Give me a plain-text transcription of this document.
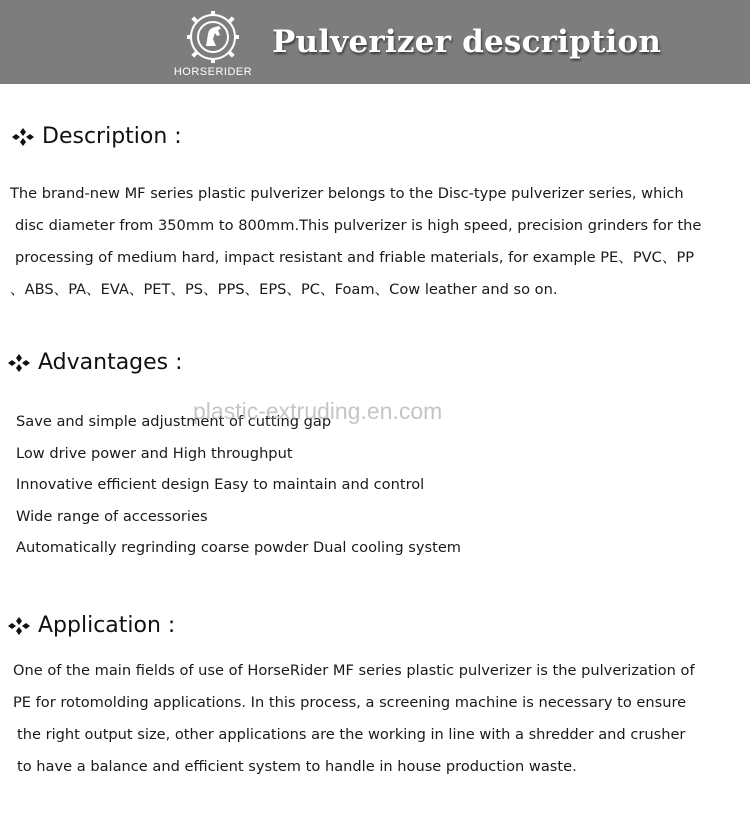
HORSERIDER
Pulverizer description
Description :

The brand-new MF series plastic pulverizer belongs to the Disc-type pulverizer series, which
disc diameter from 350mm to 800mm.This pulverizer is high speed, precision grinders for the
processing of medium hard, impact resistant and friable materials, for example PE、PVC、PP
、ABS、PA、EVA、PET、PS、PPS、EPS、PC、Foam、Cow leather and so on.

Advantages :
Save and simple adjustment of cutting gap
Low drive power and High throughput
Innovative efficient design Easy to maintain and control
Wide range of accessories
Automatically regrinding coarse powder Dual cooling system
plastic-extruding.en.com
Application :

One of the main fields of use of HorseRider MF series plastic pulverizer is the pulverization of
PE for rotomolding applications. In this process, a screening machine is necessary to ensure
the right output size, other applications are the working in line with a shredder and crusher
to have a balance and efficient system to handle in house production waste.
